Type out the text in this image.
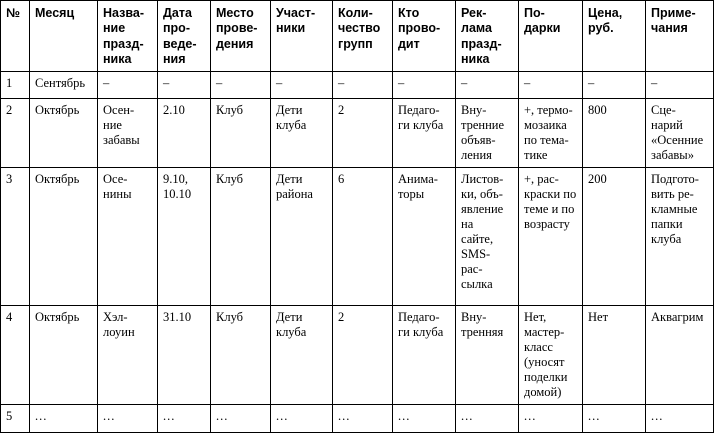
№	Месяц	Назва-
ние
празд-
ника	Дата
про-
веде-
ния	Место
прове-
дения	Участ-
ники	Коли-
чество
групп	Кто
прово-
дит	Рек-
лама
празд-
ника	По-
дарки	Цена,
руб.	Приме-
чания
1	Сентябрь	–	–	–	–	–	–	–	–	–	–
2	Октябрь	Осен-
ние
забавы	2.10	Клуб	Дети
клуба	2	Педаго-
ги клуба	Вну-
тренние
объяв-
ления	+, термо-
мозаика
по тема-
тике	800	Сце-
нарий
«Осенние
забавы»
3	Октябрь	Осе-
нины	9.10,
10.10	Клуб	Дети
района	6	Анима-
торы	Листов-
ки, объ-
явление
на
сайте,
SMS-
рас-
сылка	+, рас-
краски по
теме и по
возрасту	200	Подгото-
вить ре-
кламные
папки
клуба
4	Октябрь	Хэл-
лоуин	31.10	Клуб	Дети
клуба	2	Педаго-
ги клуба	Вну-
тренняя	Нет,
мастер-
класс
(уносят
поделки
домой)	Нет	Аквагрим
5	...	...	...	...	...	...	...	...	...	...	...
